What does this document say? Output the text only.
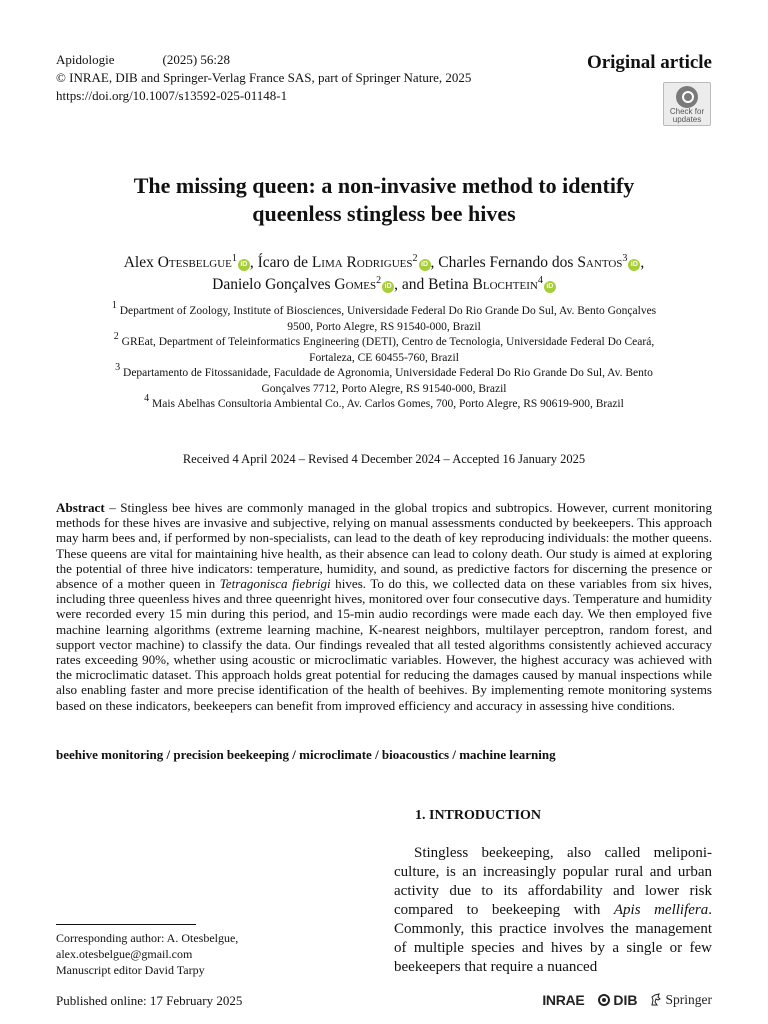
Apidologie	(2025) 56:28
© INRAE, DIB and Springer-Verlag France SAS, part of Springer Nature, 2025
https://doi.org/10.1007/s13592-025-01148-1
Original article
Check for
updates
The missing queen: a non-invasive method to identify
queenless stingless bee hives
Alex Otesbelgue$^1$iD , Ícaro de Lima Rodrigues$^2$iD , Charles Fernando dos Santos$^3$iD ,
Danielo Gonçalves Gomes$^2$iD , and Betina Blochtein$^4$iD
$^1$ Department of Zoology, Institute of Biosciences, Universidade Federal Do Rio Grande Do Sul, Av. Bento Gonçalves
9500, Porto Alegre, RS 91540-000, Brazil
$^2$ GREat, Department of Teleinformatics Engineering (DETI), Centro de Tecnologia, Universidade Federal Do Ceará,
Fortaleza, CE 60455-760, Brazil
$^3$ Departamento de Fitossanidade, Faculdade de Agronomia, Universidade Federal Do Rio Grande Do Sul, Av. Bento
Gonçalves 7712, Porto Alegre, RS 91540-000, Brazil
$^4$ Mais Abelhas Consultoria Ambiental Co., Av. Carlos Gomes, 700, Porto Alegre, RS 90619-900, Brazil
Received 4 April 2024 – Revised 4 December 2024 – Accepted 16 January 2025
Abstract – Stingless bee hives are commonly managed in the global tropics and subtropics. However, current monitoring methods for these hives are invasive and subjective, relying on manual assessments conducted by beekeepers. This approach may harm bees and, if performed by non-specialists, can lead to the death of key reproducing individuals: the mother queens. These queens are vital for maintaining hive health, as their absence can lead to colony death. Our study is aimed at exploring the potential of three hive indicators: temperature, humidity, and sound, as predictive factors for discerning the presence or absence of a mother queen in Tetragonisca fiebrigi hives. To do this, we collected data on these variables from six hives, including three queenless hives and three queenright hives, monitored over four consecutive days. Temperature and humidity were recorded every 15 min during this period, and 15-min audio recordings were made each day. We then employed five machine learning algorithms (extreme learning machine, K-nearest neighbors, multilayer perceptron, random forest, and support vector machine) to classify the data. Our findings revealed that all tested algorithms consistently achieved accuracy rates exceeding 90%, whether using acoustic or microclimatic variables. However, the highest accuracy was achieved with the microclimatic dataset. This approach holds great potential for reducing the damages caused by manual inspections while also enabling faster and more precise identification of the health of beehives. By implementing remote monitoring systems based on these indicators, beekeepers can benefit from improved efficiency and accuracy in assessing hive conditions.
beehive monitoring / precision beekeeping / microclimate / bioacoustics / machine learning
1. INTRODUCTION
Stingless beekeeping, also called meliponiculture, is an increasingly popular rural and urban activity due to its affordability and lower risk compared to beekeeping with Apis mellifera. Commonly, this practice involves the management of multiple species and hives by a single or few beekeepers that require a nuanced
Corresponding author: A. Otesbelgue, alex.otesbelgue@gmail.com
Manuscript editor David Tarpy
Published online: 17 February 2025	INRAE DIB Springer
